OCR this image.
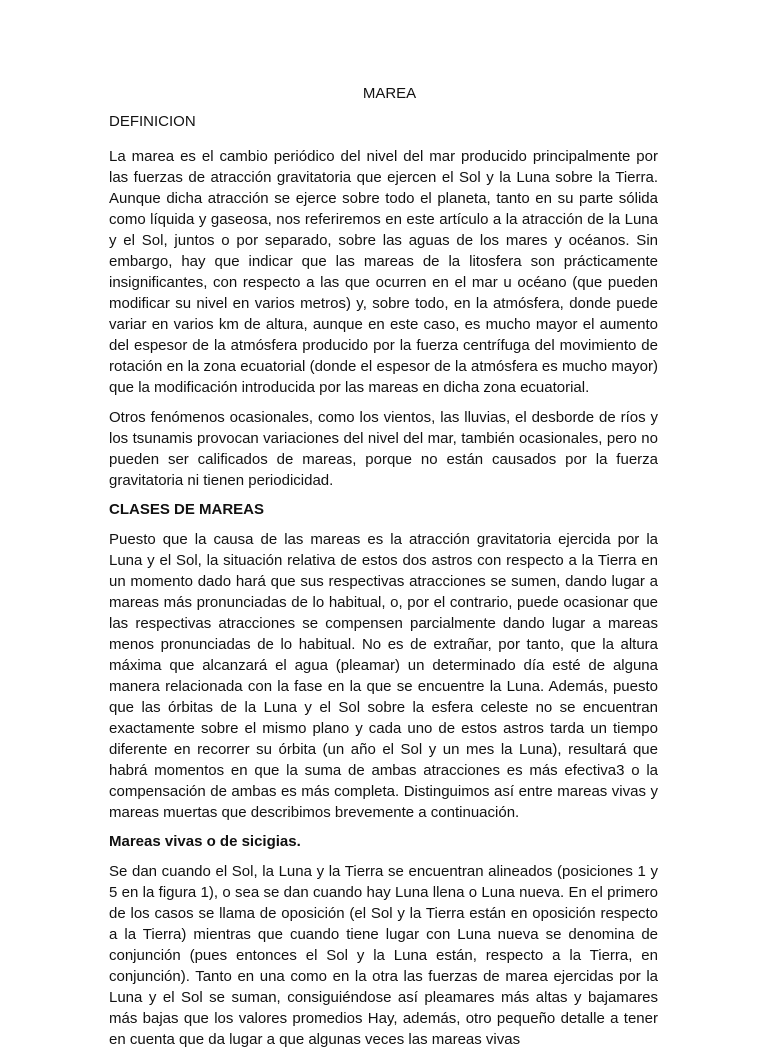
MAREA

DEFINICION

La marea es el cambio periódico del nivel del mar producido principalmente por las fuerzas de atracción gravitatoria que ejercen el Sol y la Luna sobre la Tierra. Aunque dicha atracción se ejerce sobre todo el planeta, tanto en su parte sólida como líquida y gaseosa, nos referiremos en este artículo a la atracción de la Luna y el Sol, juntos o por separado, sobre las aguas de los mares y océanos. Sin embargo, hay que indicar que las mareas de la litosfera son prácticamente insignificantes, con respecto a las que ocurren en el mar u océano (que pueden modificar su nivel en varios metros) y, sobre todo, en la atmósfera, donde puede variar en varios km de altura, aunque en este caso, es mucho mayor el aumento del espesor de la atmósfera producido por la fuerza centrífuga del movimiento de rotación en la zona ecuatorial (donde el espesor de la atmósfera es mucho mayor) que la modificación introducida por las mareas en dicha zona ecuatorial.

Otros fenómenos ocasionales, como los vientos, las lluvias, el desborde de ríos y los tsunamis provocan variaciones del nivel del mar, también ocasionales, pero no pueden ser calificados de mareas, porque no están causados por la fuerza gravitatoria ni tienen periodicidad.

CLASES DE MAREAS

Puesto que la causa de las mareas es la atracción gravitatoria ejercida por la Luna y el Sol, la situación relativa de estos dos astros con respecto a la Tierra en un momento dado hará que sus respectivas atracciones se sumen, dando lugar a mareas más pronunciadas de lo habitual, o, por el contrario, puede ocasionar que las respectivas atracciones se compensen parcialmente dando lugar a mareas menos pronunciadas de lo habitual. No es de extrañar, por tanto, que la altura máxima que alcanzará el agua (pleamar) un determinado día esté de alguna manera relacionada con la fase en la que se encuentre la Luna. Además, puesto que las órbitas de la Luna y el Sol sobre la esfera celeste no se encuentran exactamente sobre el mismo plano y cada uno de estos astros tarda un tiempo diferente en recorrer su órbita (un año el Sol y un mes la Luna), resultará que habrá momentos en que la suma de ambas atracciones es más efectiva3 o la compensación de ambas es más completa. Distinguimos así entre mareas vivas y mareas muertas que describimos brevemente a continuación.

Mareas vivas o de sicigias.

Se dan cuando el Sol, la Luna y la Tierra se encuentran alineados (posiciones 1 y 5 en la figura 1), o sea se dan cuando hay Luna llena o Luna nueva. En el primero de los casos se llama de oposición (el Sol y la Tierra están en oposición respecto a la Tierra) mientras que cuando tiene lugar con Luna nueva se denomina de conjunción (pues entonces el Sol y la Luna están, respecto a la Tierra, en conjunción). Tanto en una como en la otra las fuerzas de marea ejercidas por la Luna y el Sol se suman, consiguiéndose así pleamares más altas y bajamares más bajas que los valores promedios Hay, además, otro pequeño detalle a tener en cuenta que da lugar a que algunas veces las mareas vivas
